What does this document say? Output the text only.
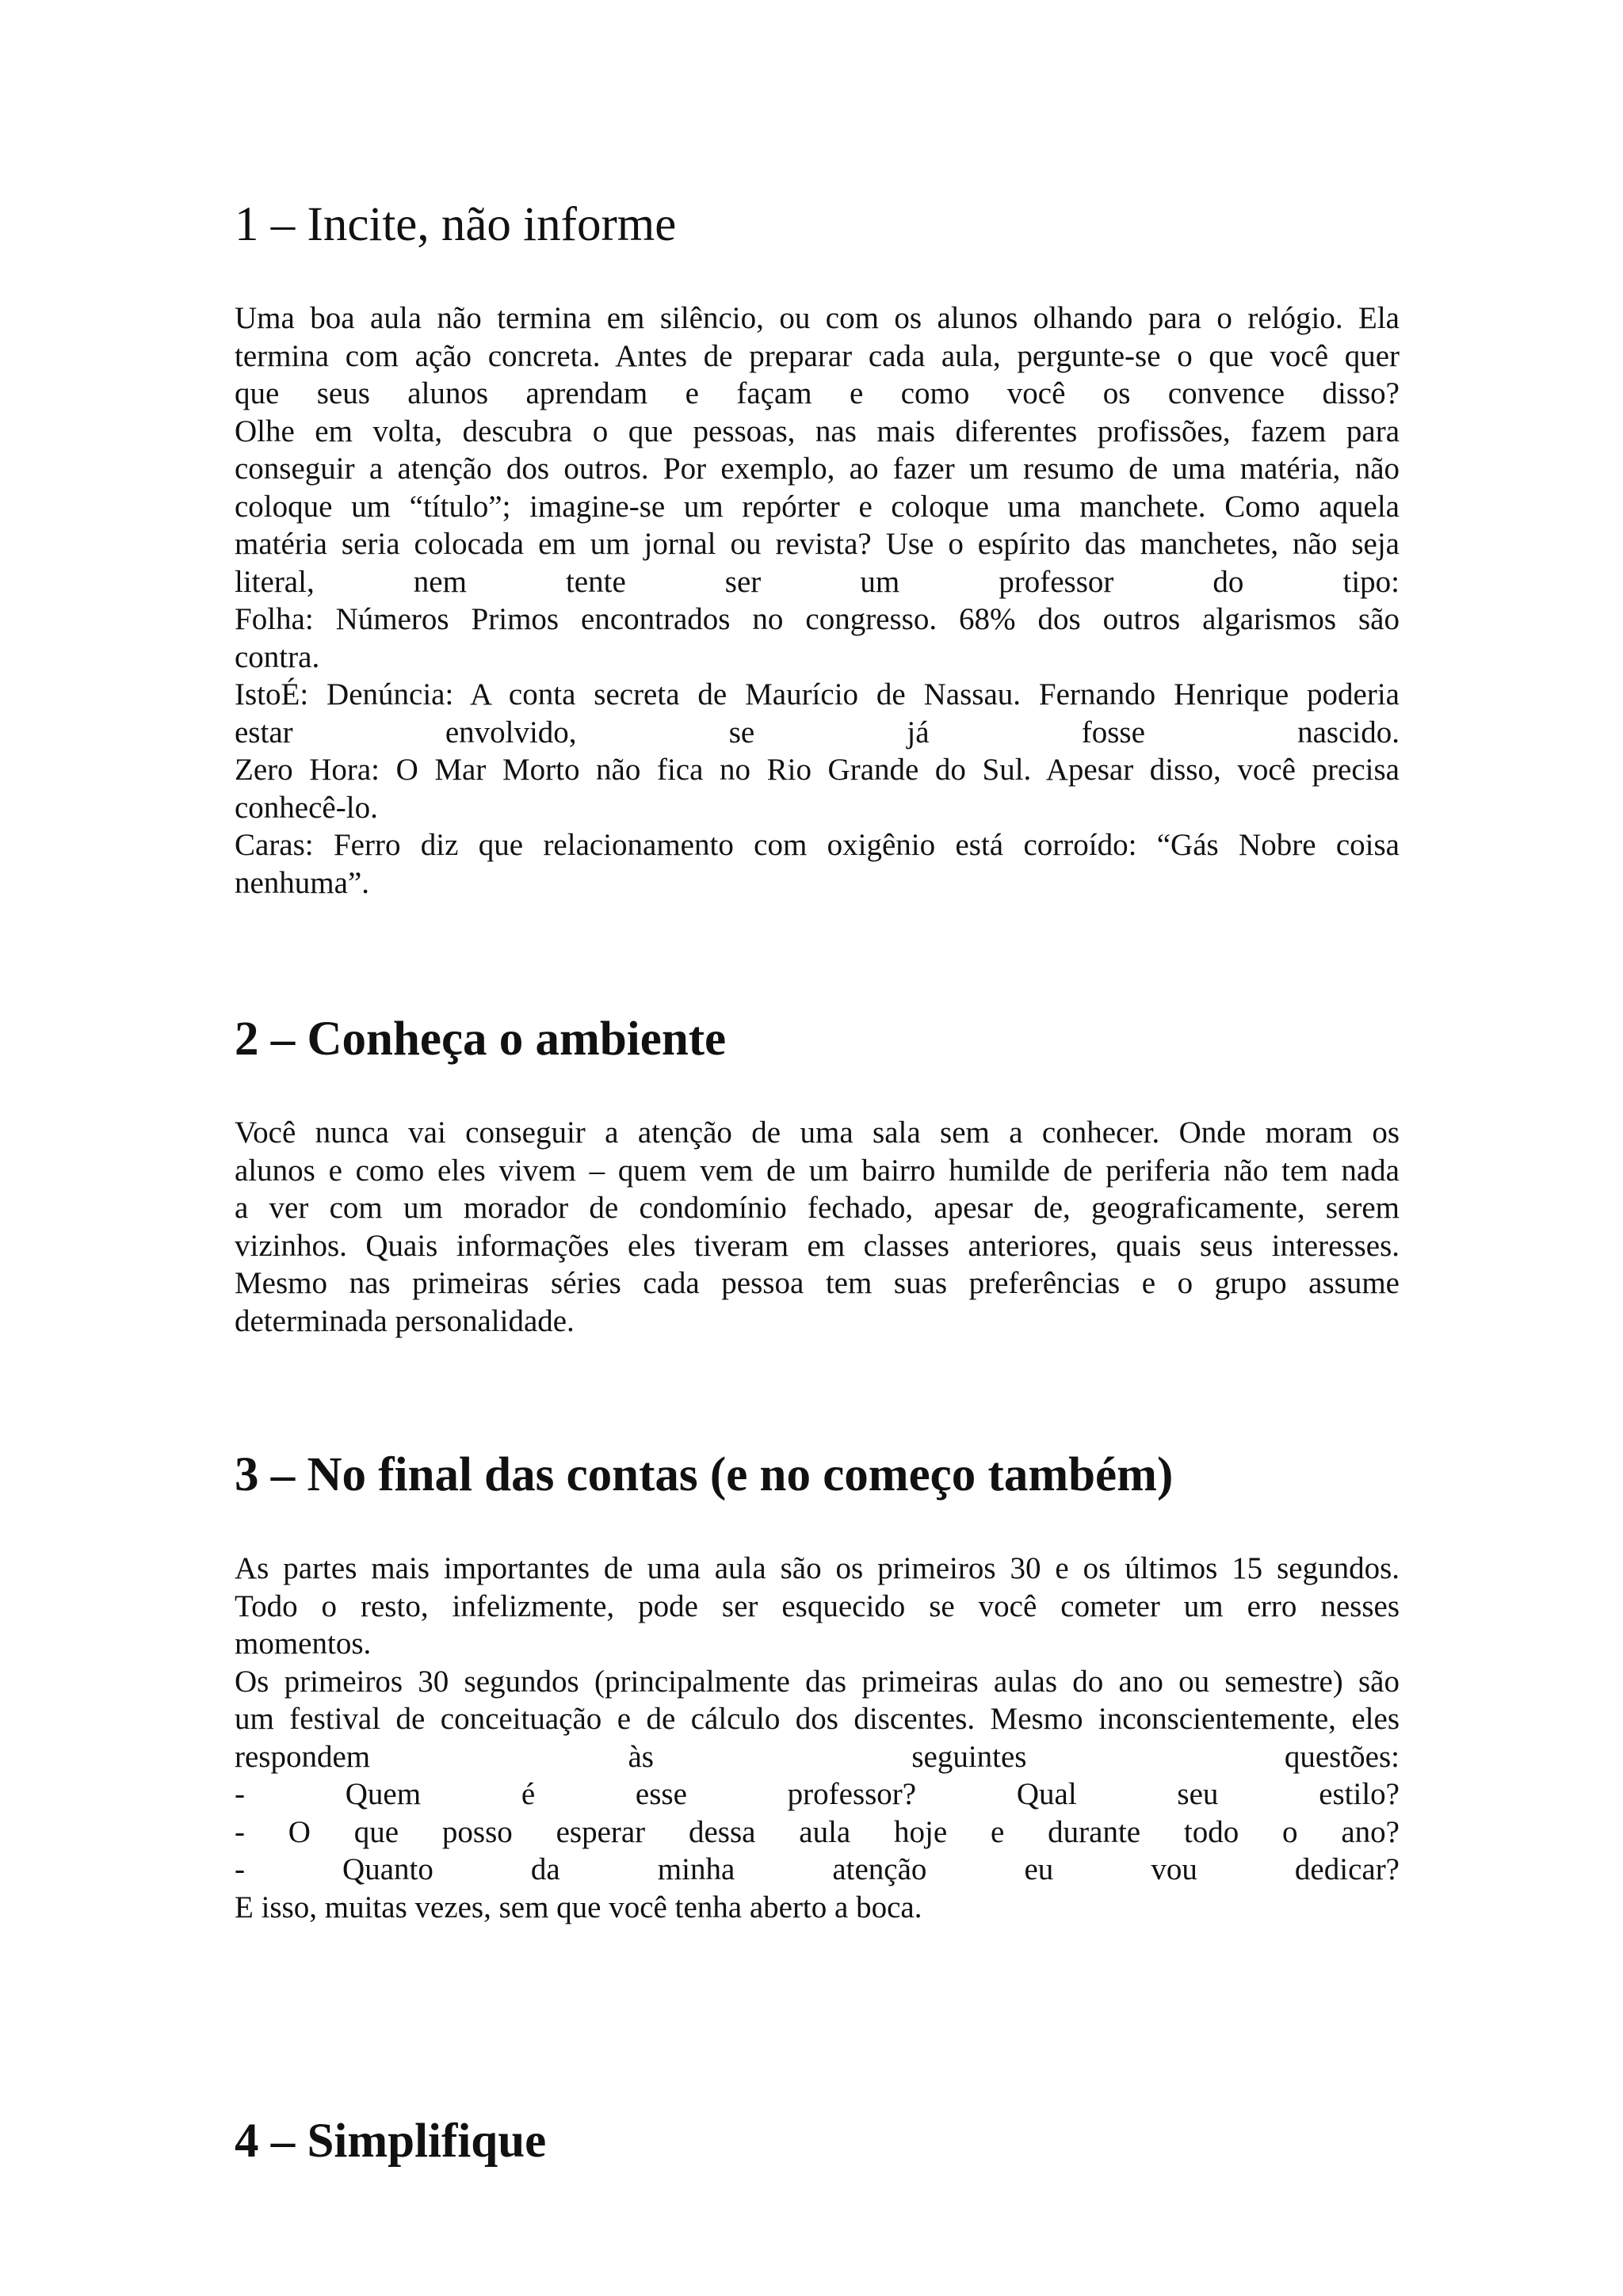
1 – Incite, não informe
Uma boa aula não termina em silêncio, ou com os alunos olhando para o relógio. Ela
termina com ação concreta. Antes de preparar cada aula, pergunte-se o que você quer
que seus alunos aprendam e façam e como você os convence disso?
Olhe em volta, descubra o que pessoas, nas mais diferentes profissões, fazem para
conseguir a atenção dos outros. Por exemplo, ao fazer um resumo de uma matéria, não
coloque um “título”; imagine-se um repórter e coloque uma manchete. Como aquela
matéria seria colocada em um jornal ou revista? Use o espírito das manchetes, não seja
literal, nem tente ser um professor do tipo:
Folha: Números Primos encontrados no congresso. 68% dos outros algarismos são
contra.
IstoÉ: Denúncia: A conta secreta de Maurício de Nassau. Fernando Henrique poderia
estar envolvido, se já fosse nascido.
Zero Hora: O Mar Morto não fica no Rio Grande do Sul. Apesar disso, você precisa
conhecê-lo.
Caras: Ferro diz que relacionamento com oxigênio está corroído: “Gás Nobre coisa
nenhuma”.
2 – Conheça o ambiente
Você nunca vai conseguir a atenção de uma sala sem a conhecer. Onde moram os
alunos e como eles vivem – quem vem de um bairro humilde de periferia não tem nada
a ver com um morador de condomínio fechado, apesar de, geograficamente, serem
vizinhos. Quais informações eles tiveram em classes anteriores, quais seus interesses.
Mesmo nas primeiras séries cada pessoa tem suas preferências e o grupo assume
determinada personalidade.
3 – No final das contas (e no começo também)
As partes mais importantes de uma aula são os primeiros 30 e os últimos 15 segundos.
Todo o resto, infelizmente, pode ser esquecido se você cometer um erro nesses
momentos.
Os primeiros 30 segundos (principalmente das primeiras aulas do ano ou semestre) são
um festival de conceituação e de cálculo dos discentes. Mesmo inconscientemente, eles
respondem às seguintes questões:
- Quem é esse professor? Qual seu estilo?
- O que posso esperar dessa aula hoje e durante todo o ano?
- Quanto da minha atenção eu vou dedicar?
E isso, muitas vezes, sem que você tenha aberto a boca.
4 – Simplifique
